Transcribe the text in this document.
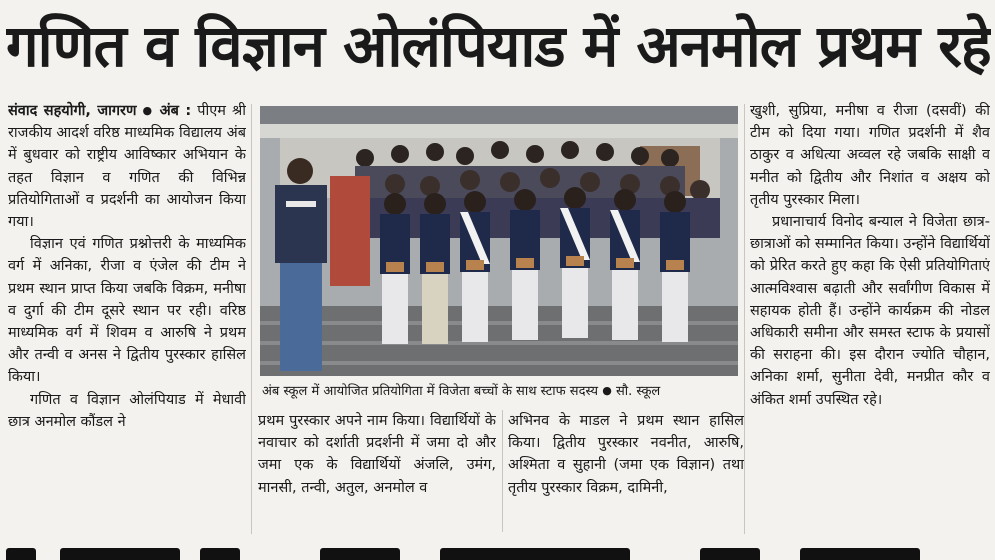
गणित व विज्ञान ओलंपियाड में अनमोल प्रथम रहे

संवाद सहयोगी, जागरण ● अंब : पीएम श्री राजकीय आदर्श वरिष्ठ माध्यमिक विद्यालय अंब में बुधवार को राष्ट्रीय आविष्कार अभियान के तहत विज्ञान व गणित की विभिन्न प्रतियोगिताओं व प्रदर्शनी का आयोजन किया गया।

विज्ञान एवं गणित प्रश्नोत्तरी के माध्यमिक वर्ग में अनिका, रीजा व एंजेल की टीम ने प्रथम स्थान प्राप्त किया जबकि विक्रम, मनीषा व दुर्गा की टीम दूसरे स्थान पर रही। वरिष्ठ माध्यमिक वर्ग में शिवम व आरुषि ने प्रथम और तन्वी व अनस ने द्वितीय पुरस्कार हासिल किया।

गणित व विज्ञान ओलंपियाड में मेधावी छात्र अनमोल कौंडल ने

अंब स्कूल में आयोजित प्रतियोगिता में विजेता बच्चों के साथ स्टाफ सदस्य ● सौ. स्कूल

प्रथम पुरस्कार अपने नाम किया। विद्यार्थियों के नवाचार को दर्शाती प्रदर्शनी में जमा दो और जमा एक के विद्यार्थियों अंजलि, उमंग, मानसी, तन्वी, अतुल, अनमोल व

अभिनव के माडल ने प्रथम स्थान हासिल किया। द्वितीय पुरस्कार नवनीत, आरुषि, अश्मिता व सुहानी (जमा एक विज्ञान) तथा तृतीय पुरस्कार विक्रम, दामिनी,

खुशी, सुप्रिया, मनीषा व रीजा (दसवीं) की टीम को दिया गया। गणित प्रदर्शनी में शैव ठाकुर व अधित्या अव्वल रहे जबकि साक्षी व मनीत को द्वितीय और निशांत व अक्षय को तृतीय पुरस्कार मिला।

प्रधानाचार्य विनोद बन्याल ने विजेता छात्र-छात्राओं को सम्मानित किया। उन्होंने विद्यार्थियों को प्रेरित करते हुए कहा कि ऐसी प्रतियोगिताएं आत्मविश्वास बढ़ाती और सर्वांगीण विकास में सहायक होती हैं। उन्होंने कार्यक्रम की नोडल अधिकारी समीना और समस्त स्टाफ के प्रयासों की सराहना की। इस दौरान ज्योति चौहान, अनिका शर्मा, सुनीता देवी, मनप्रीत कौर व अंकित शर्मा उपस्थित रहे।
